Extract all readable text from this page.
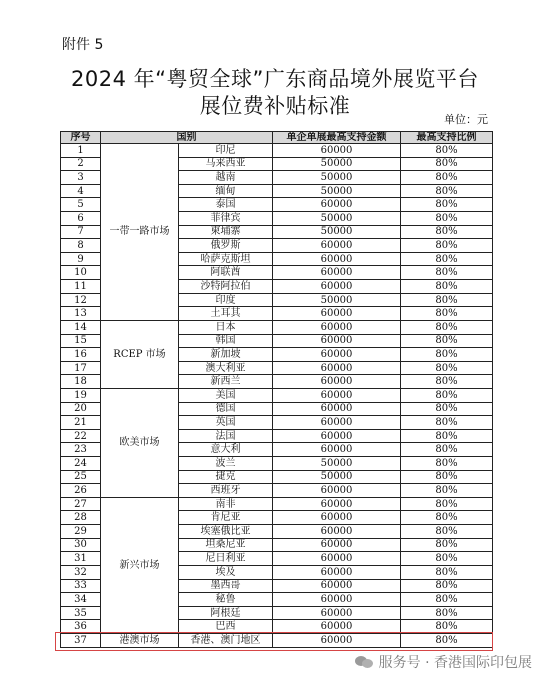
附件 5
2024 年“粤贸全球”广东商品境外展览平台
展位费补贴标准
单位：元
序号	国别		单企单展最高支持金额	最高支持比例
1	一带一路市场	印尼	60000	80%
2		马来西亚	50000	80%
3		越南	50000	80%
4		缅甸	50000	80%
5		泰国	60000	80%
6		菲律宾	50000	80%
7		柬埔寨	50000	80%
8		俄罗斯	60000	80%
9		哈萨克斯坦	60000	80%
10		阿联酋	60000	80%
11		沙特阿拉伯	60000	80%
12		印度	50000	80%
13		土耳其	60000	80%
14	RCEP 市场	日本	60000	80%
15		韩国	60000	80%
16		新加坡	60000	80%
17		澳大利亚	60000	80%
18		新西兰	60000	80%
19	欧美市场	美国	60000	80%
20		德国	60000	80%
21		英国	60000	80%
22		法国	60000	80%
23		意大利	60000	80%
24		波兰	50000	80%
25		捷克	50000	80%
26		西班牙	60000	80%
27	新兴市场	南非	60000	80%
28		肯尼亚	60000	80%
29		埃塞俄比亚	60000	80%
30		坦桑尼亚	60000	80%
31		尼日利亚	60000	80%
32		埃及	60000	80%
33		墨西哥	60000	80%
34		秘鲁	60000	80%
35		阿根廷	60000	80%
36		巴西	60000	80%
37	港澳市场	香港、澳门地区	60000	80%
服务号 · 香港国际印包展
